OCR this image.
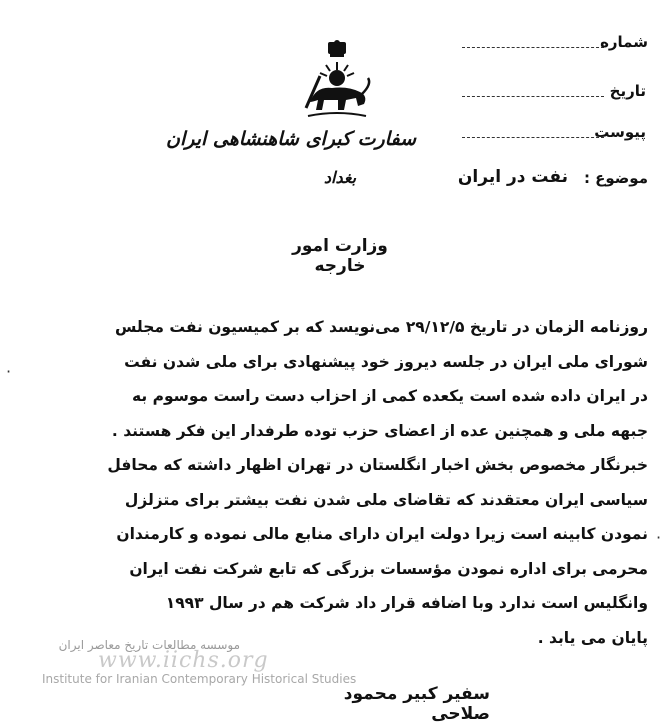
شماره
تاریخ
پیوست
موضوع :
نفت در ایران
سفارت کبرای شاهنشاهی ایران
بغداد
وزارت امور خارجه
روزنامه الزمان در تاریخ ۲۹/۱۲/۵ می‌نویسد که بر کمیسیون نفت مجلس
شورای ملی ایران در جلسه دیروز خود پیشنهادی برای ملی شدن نفت
در ایران داده شده است یکعده کمی از احزاب دست راست موسوم به
جبهه ملی و همچنین عده از اعضای حزب توده طرفدار این فکر هستند .
خبرنگار مخصوص بخش اخبار انگلستان در تهران اظهار داشته که محافل
سیاسی ایران معتقدند که تقاضای ملی شدن نفت بیشتر برای متزلزل
نمودن کابینه است زیرا دولت ایران دارای منابع مالی نموده و کارمندان
محرمی برای اداره نمودن مؤسسات بزرگی که تابع شرکت نفت ایران
وانگلیس است ندارد وبا اضافه قرار داد شرکت هم در سال ۱۹۹۳
پایان می یابد .
·
·
سفیر کبیر محمود صلاحی
موسسه مطالعات تاریخ معاصر ایران
www.iichs.org
Institute for Iranian Contemporary Historical Studies
